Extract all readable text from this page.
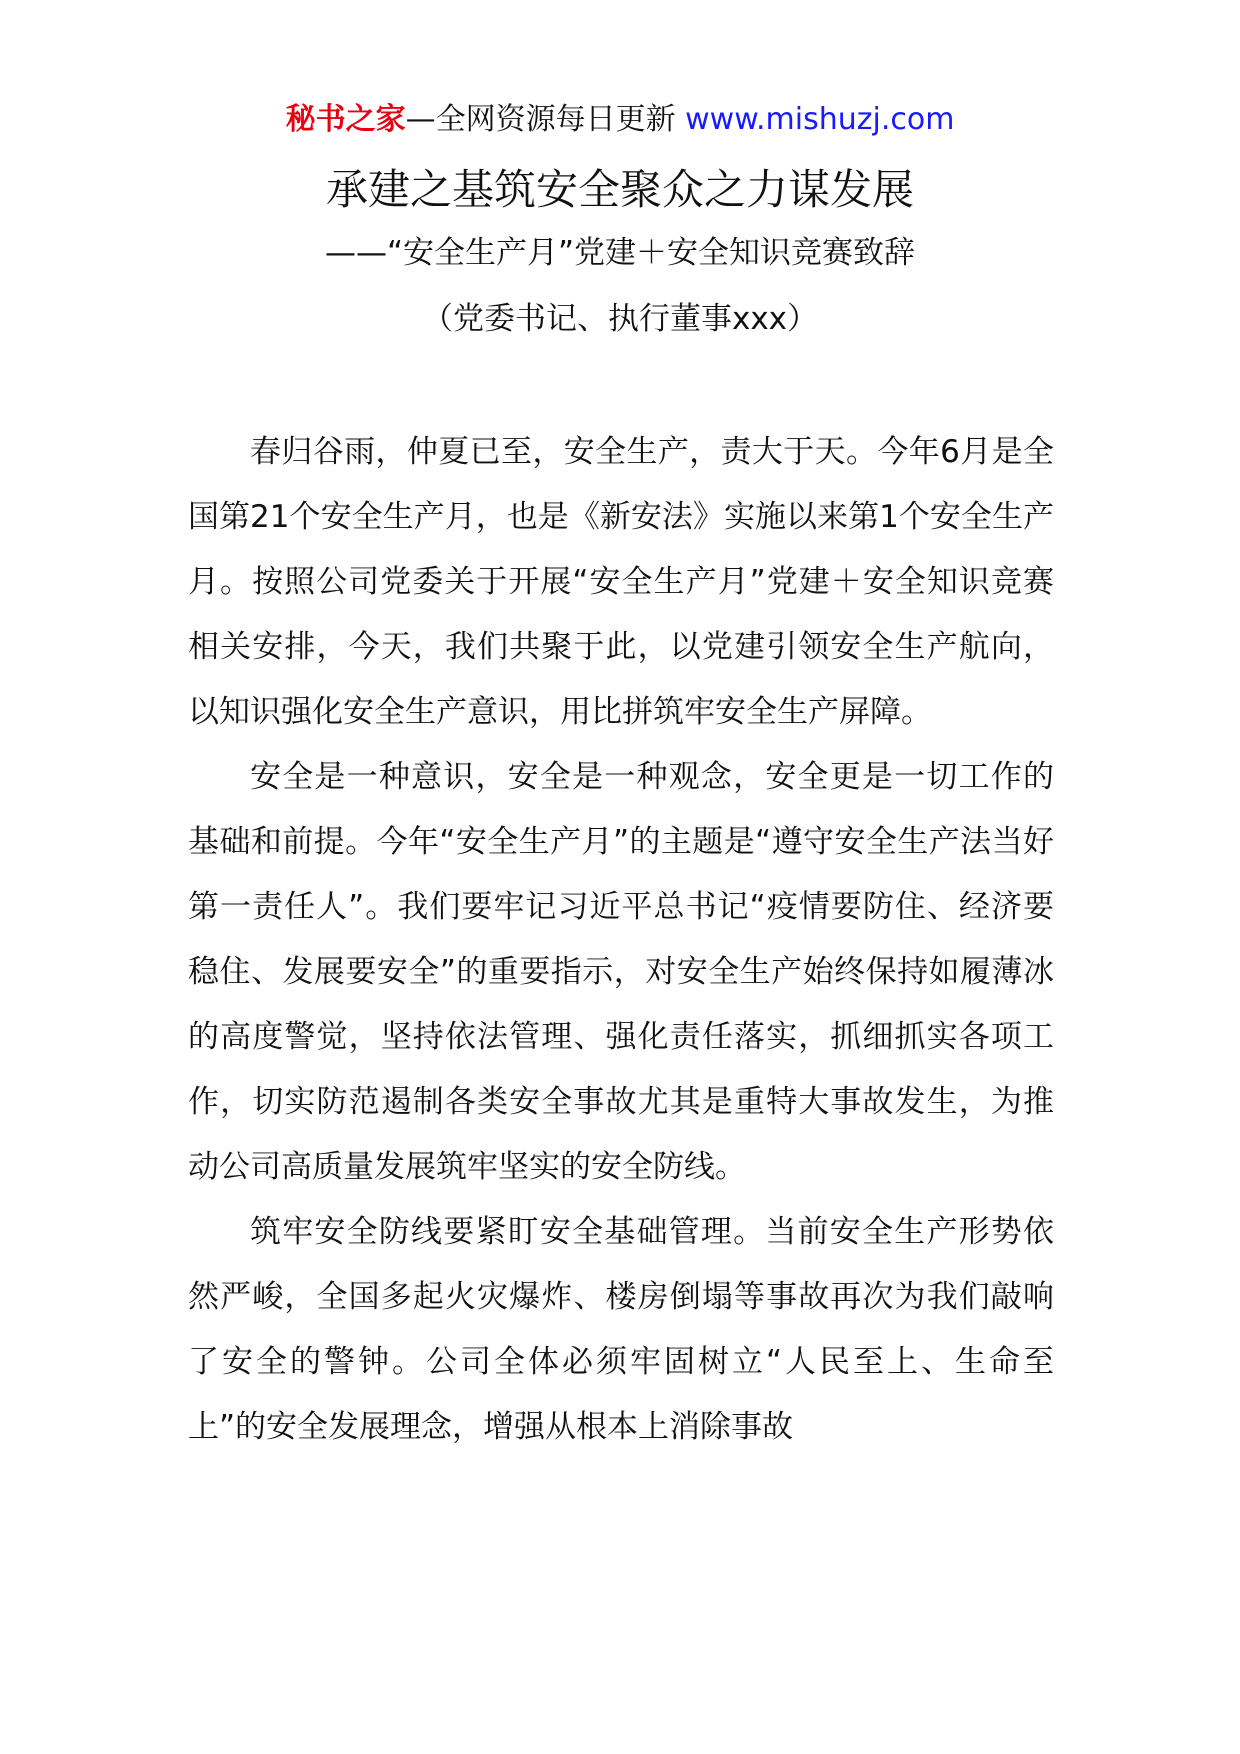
秘书之家—全网资源每日更新 www.mishuzj.com
承建之基筑安全聚众之力谋发展
——“安全生产月”党建＋安全知识竞赛致辞
（党委书记、执行董事xxx）

春归谷雨，仲夏已至，安全生产，责大于天。今年6月是全国第21个安全生产月，也是《新安法》实施以来第1个安全生产月。按照公司党委关于开展“安全生产月”党建＋安全知识竞赛相关安排，今天，我们共聚于此，以党建引领安全生产航向，以知识强化安全生产意识，用比拼筑牢安全生产屏障。

安全是一种意识，安全是一种观念，安全更是一切工作的基础和前提。今年“安全生产月”的主题是“遵守安全生产法当好第一责任人”。我们要牢记习近平总书记“疫情要防住、经济要稳住、发展要安全”的重要指示，对安全生产始终保持如履薄冰的高度警觉，坚持依法管理、强化责任落实，抓细抓实各项工作，切实防范遏制各类安全事故尤其是重特大事故发生，为推动公司高质量发展筑牢坚实的安全防线。

筑牢安全防线要紧盯安全基础管理。当前安全生产形势依然严峻，全国多起火灾爆炸、楼房倒塌等事故再次为我们敲响了安全的警钟。公司全体必须牢固树立“人民至上、生命至上”的安全发展理念，增强从根本上消除事故
